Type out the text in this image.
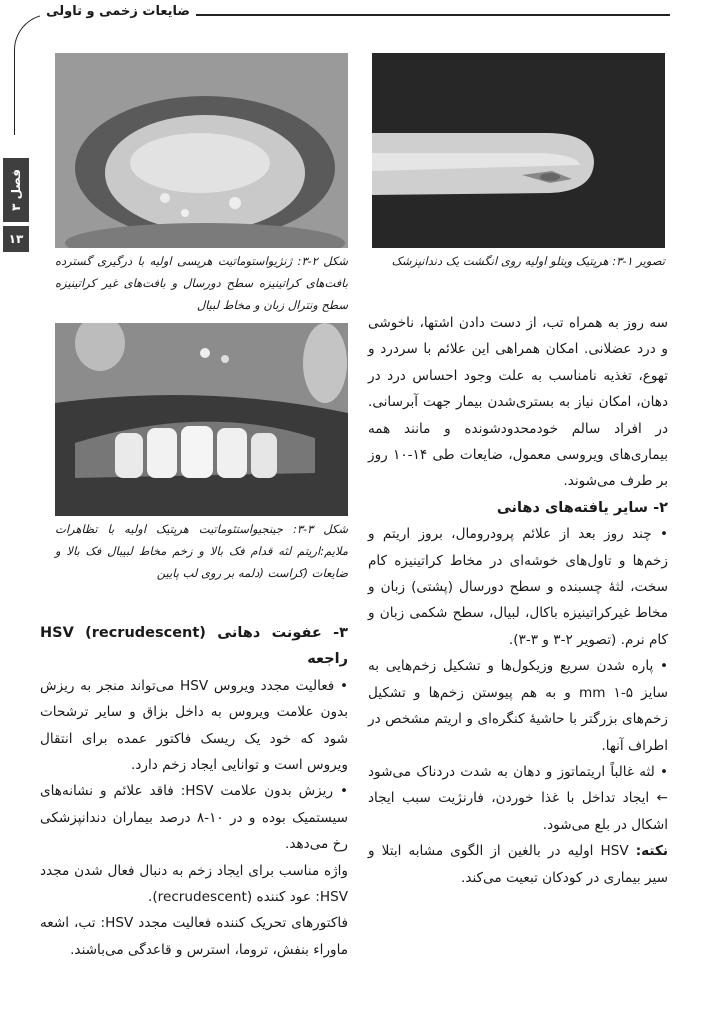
ضایعات زخمی و تاولی
فصل ۳
۱۳
تصویر ۱-۳: هرپتیک ویتلو اولیه روی انگشت یک دندانپزشک
شکل ۲-۳: ژنژیواستوماتیت هرپسی اولیه با درگیری گسترده بافت‌های کراتینیزه سطح دورسال و بافت‌های غیر کراتینیزه سطح ونترال زبان و مخاط لبیال
شکل ۳-۳: جینجیواستئوماتیت هرپتیک اولیه با تظاهرات ملایم:اریتم لثه قدام فک بالا و زخم مخاط لبیبال فک بالا و ضایعات (کراست (دلمه بر روی لب پایین

سه روز به همراه تب، از دست دادن اشتها، ناخوشی و درد عضلانی. امکان همراهی این علائم با سردرد و تهوع، تغذیه نامناسب به علت وجود احساس درد در دهان، امکان نیاز به بستری‌شدن بیمار جهت آبرسانی. در افراد سالم خودمحدودشونده و مانند همه بیماری‌های ویروسی معمول، ضایعات طی ۱۴-۱۰ روز بر طرف می‌شوند.

۲- سایر یافته‌های دهانی

• چند روز بعد از علائم پرودرومال، بروز اریتم و زخم‌ها و تاول‌های خوشه‌ای در مخاط کراتینیزه کام سخت، لثهٔ چسبنده و سطح دورسال (پشتی) زبان و مخاط غیرکراتینیزه باکال، لبیال، سطح شکمی زبان و کام نرم. (تصویر ۲-۳ و ۳-۳).

• پاره شدن سریع وزیکول‌ها و تشکیل زخم‌هایی به سایز ۵-۱ mm و به هم پیوستن زخم‌ها و تشکیل زخم‌های بزرگتر با حاشیهٔ کنگره‌ای و اریتم مشخص در اطراف آنها.

• لثه غالباً اریتماتوز و دهان به شدت دردناک می‌شود ← ایجاد تداخل با غذا خوردن، فارنژیت سبب ایجاد اشکال در بلع می‌شود.

نکته: HSV اولیه در بالغین از الگوی مشابه ابتلا و سیر بیماری در کودکان تبعیت می‌کند.

۳- عفونت دهانی HSV (recrudescent) راجعه

• فعالیت مجدد ویروس HSV می‌تواند منجر به ریزش بدون علامت ویروس به داخل بزاق و سایر ترشحات شود که خود یک ریسک فاکتور عمده برای انتقال ویروس است و توانایی ایجاد زخم دارد.

• ریزش بدون علامت HSV: فاقد علائم و نشانه‌های سیستمیک بوده و در ۱۰-۸ درصد بیماران دندانپزشکی رخ می‌دهد.

واژه مناسب برای ایجاد زخم به دنبال فعال شدن مجدد HSV: عود کننده (recrudescent).

فاکتورهای تحریک کننده فعالیت مجدد HSV: تب، اشعه ماوراء بنفش، تروما، استرس و قاعدگی می‌باشند.
